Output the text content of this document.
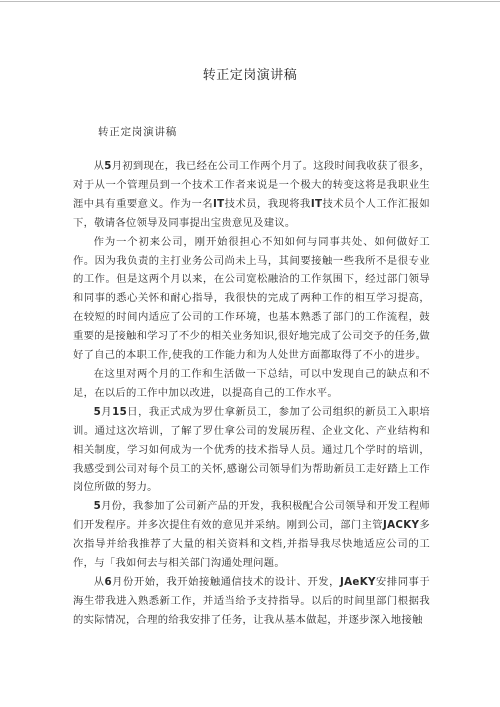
转正定岗演讲稿
转正定岗演讲稿

从5月初到现在，我已经在公司工作两个月了。这段时间我收获了很多，对于从一个管理员到一个技术工作者来说是一个极大的转变这将是我职业生涯中具有重要意义。作为一名IT技术员，我现将我IT技术员个人工作汇报如下，敬请各位领导及同事提出宝贵意见及建议。

作为一个初来公司，刚开始很担心不知如何与同事共处、如何做好工作。因为我负责的主打业务公司尚未上马，其间要接触一些我所不是很专业的工作。但是这两个月以来，在公司宽松融洽的工作氛围下，经过部门领导和同事的悉心关怀和耐心指导，我很快的完成了两种工作的相互学习提高，在较短的时间内适应了公司的工作环境，也基本熟悉了部门的工作流程，鼓重要的是接触和学习了不少的相关业务知识,很好地完成了公司交予的任务,做好了自己的本职工作,使我的工作能力和为人处世方面都取得了不小的进步。

在这里对两个月的工作和生活做一下总结，可以中发现自己的缺点和不足，在以后的工作中加以改进，以提高自己的工作水平。

5月15日，我正式成为罗仕拿新员工，参加了公司组织的新员工入职培训。通过这次培训，了解了罗仕拿公司的发展历程、企业文化、产业结构和相关制度，学习如何成为一个优秀的技术指导人员。通过几个学时的培训，我感受到公司对每个员工的关怀,感谢公司领导们为帮助新员工走好踏上工作岗位所做的努力。

5月份，我参加了公司新产品的开发，我积极配合公司领导和开发工程师们开发程序。并多次提住有效的意见并采纳。刚到公司，部门主管JACKY多次指导并给我推荐了大量的相关资料和文档,并指导我尽快地适应公司的工作，与「我如何去与相关部门沟通处理问题。

从6月份开始，我开始接触通信技术的设计、开发，JAeKY安排同事于海生带我进入熟悉新工作，并适当给予支持指导。以后的时间里部门根据我的实际情况，合理的给我安排了任务，让我从基本做起，并逐步深入地接触
